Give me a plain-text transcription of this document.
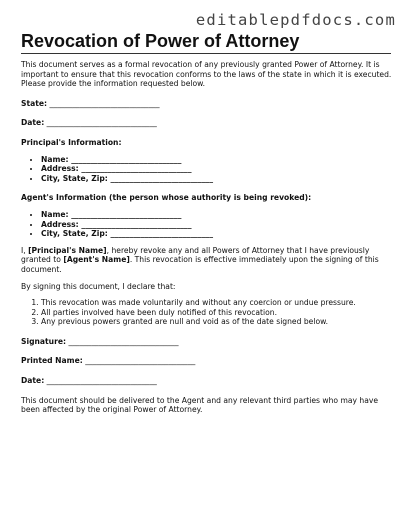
editablepdfdocs.com
Revocation of Power of Attorney

This document serves as a formal revocation of any previously granted Power of Attorney. It is important to ensure that this revocation conforms to the laws of the state in which it is executed. Please provide the information requested below.

State: _____________________________

Date: _____________________________

Principal's Information:

• Name: _____________________________
• Address: _____________________________
• City, State, Zip: ___________________________

Agent's Information (the person whose authority is being revoked):

• Name: _____________________________
• Address: _____________________________
• City, State, Zip: ___________________________

I, [Principal's Name], hereby revoke any and all Powers of Attorney that I have previously granted to [Agent's Name]. This revocation is effective immediately upon the signing of this document.

By signing this document, I declare that:

1. This revocation was made voluntarily and without any coercion or undue pressure.
2. All parties involved have been duly notified of this revocation.
3. Any previous powers granted are null and void as of the date signed below.

Signature: _____________________________

Printed Name: _____________________________

Date: _____________________________

This document should be delivered to the Agent and any relevant third parties who may have been affected by the original Power of Attorney.
